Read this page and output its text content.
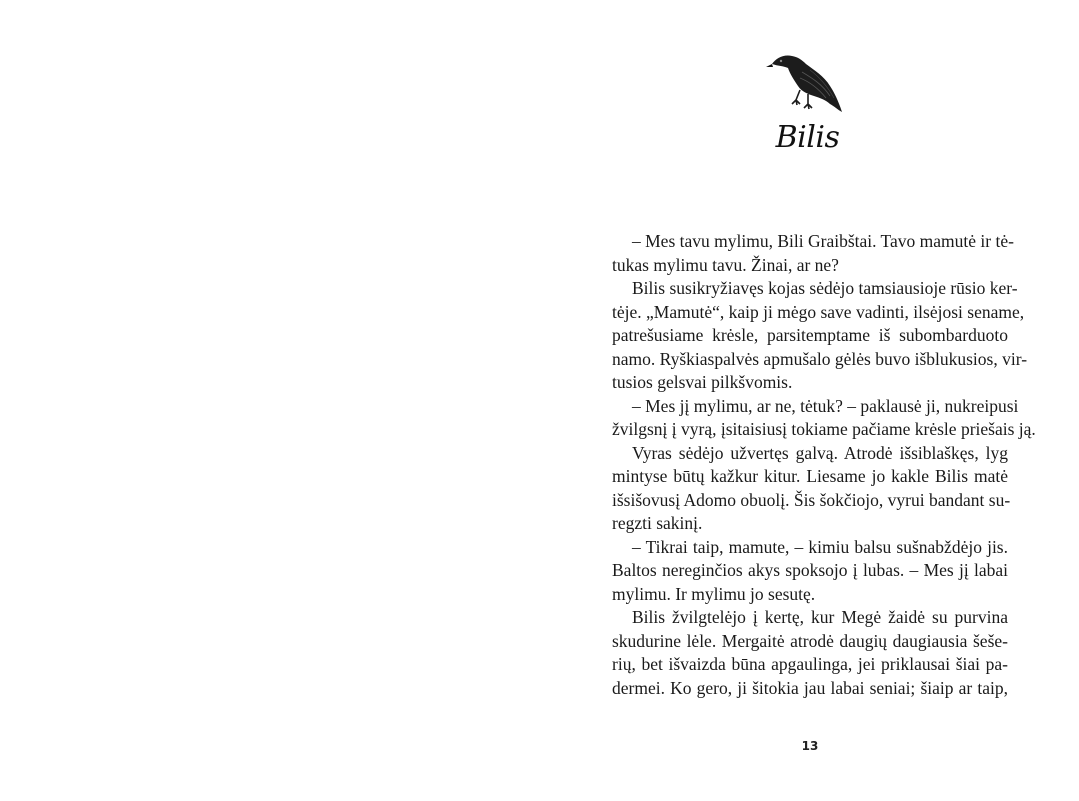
Bilis
– Mes tavu mylimu, Bili Graibštai. Tavo mamutė ir tė-
tukas mylimu tavu. Žinai, ar ne?
Bilis susikryžiavęs kojas sėdėjo tamsiausioje rūsio ker-
tėje. „Mamutė“, kaip ji mėgo save vadinti, ilsėjosi sename,
patrešusiame krėsle, parsitemptame iš subombarduoto
namo. Ryškiaspalvės apmušalo gėlės buvo išblukusios, vir-
tusios gelsvai pilkšvomis.
– Mes jį mylimu, ar ne, tėtuk? – paklausė ji, nukreipusi
žvilgsnį į vyrą, įsitaisiusį tokiame pačiame krėsle priešais ją.
Vyras sėdėjo užvertęs galvą. Atrodė išsiblaškęs, lyg
mintyse būtų kažkur kitur. Liesame jo kakle Bilis matė
išsišovusį Adomo obuolį. Šis šokčiojo, vyrui bandant su-
regzti sakinį.
– Tikrai taip, mamute, – kimiu balsu sušnabždėjo jis.
Baltos nereginčios akys spoksojo į lubas. – Mes jį labai
mylimu. Ir mylimu jo sesutę.
Bilis žvilgtelėjo į kertę, kur Megė žaidė su purvina
skudurine lėle. Mergaitė atrodė daugių daugiausia šeše-
rių, bet išvaizda būna apgaulinga, jei priklausai šiai pa-
dermei. Ko gero, ji šitokia jau labai seniai; šiaip ar taip,
13
